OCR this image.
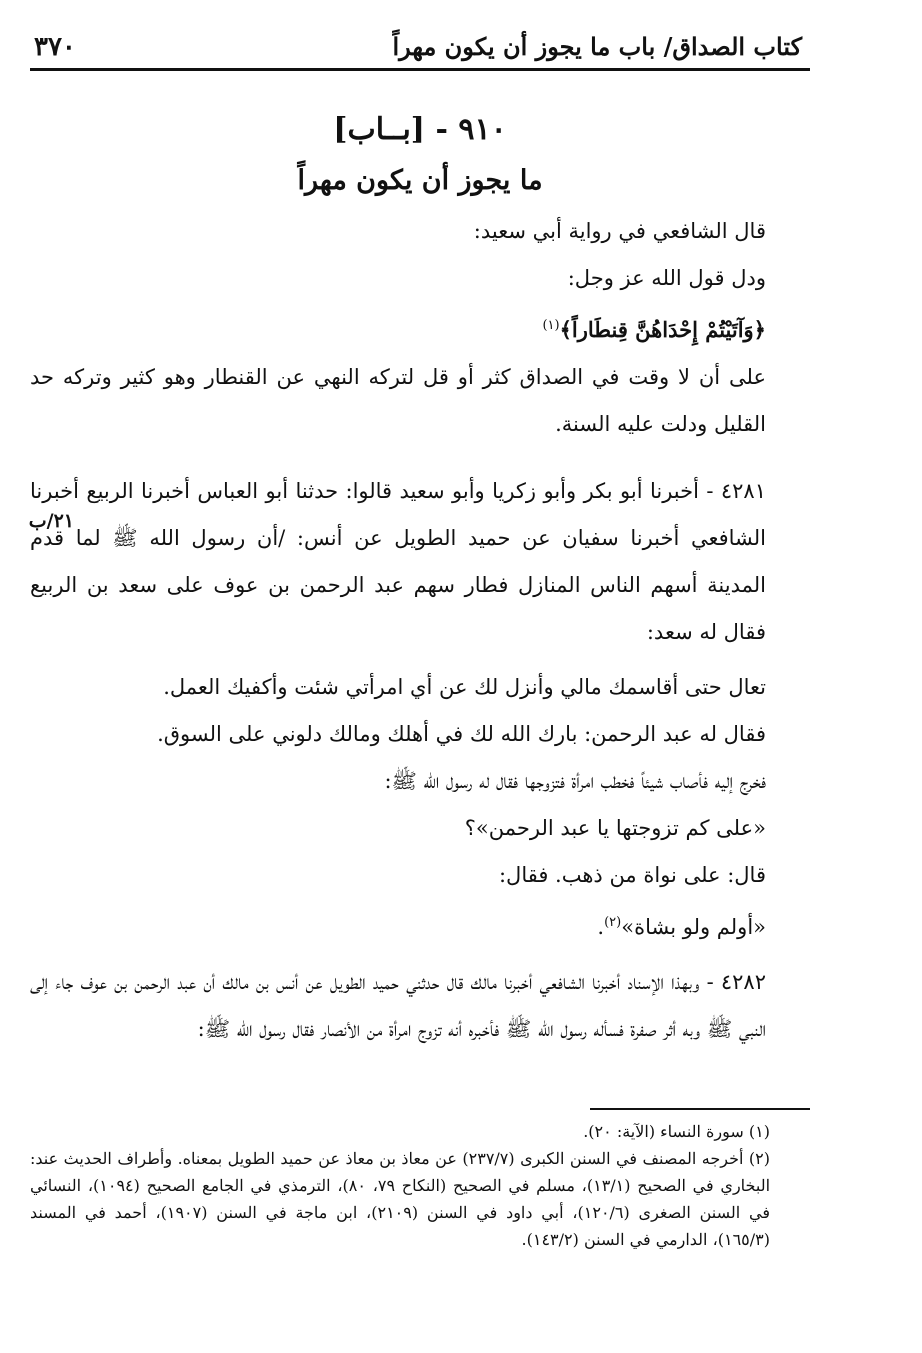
كتاب الصداق/ باب ما يجوز أن يكون مهراً
٣٧٠
٩١٠ - [بــاب]
ما يجوز أن يكون مهراً

قال الشافعي في رواية أبي سعيد:

ودل قول الله عز وجل:

﴿وَآتَيْتُمْ إِحْدَاهُنَّ قِنطَاراً﴾$^{(١)}$

على أن لا وقت في الصداق كثر أو قل لتركه النهي عن القنطار وهو كثير وتركه حد القليل ودلت عليه السنة.

٤٢٨١ - أخبرنا أبو بكر وأبو زكريا وأبو سعيد قالوا: حدثنا أبو العباس أخبرنا الربيع أخبرنا الشافعي أخبرنا سفيان عن حميد الطويل عن أنس: /أن رسول الله ﷺ لما قدم المدينة أسهم الناس المنازل فطار سهم عبد الرحمن بن عوف على سعد بن الربيع فقال له سعد:

تعال حتى أقاسمك مالي وأنزل لك عن أي امرأتي شئت وأكفيك العمل.

فقال له عبد الرحمن: بارك الله لك في أهلك ومالك دلوني على السوق.

فخرج إليه فأصاب شيئاً فخطب امرأة فتزوجها فقال له رسول الله ﷺ:

«على كم تزوجتها يا عبد الرحمن»؟

قال: على نواة من ذهب. فقال:

«أولم ولو بشاة»$^{(٢)}$.

٤٢٨٢ - وبهذا الإسناد أخبرنا الشافعي أخبرنا مالك قال حدثني حميد الطويل عن أنس بن مالك أن عبد الرحمن بن عوف جاء إلى النبي ﷺ وبه أثر صفرة فسأله رسول الله ﷺ فأخبره أنه تزوج امرأة من الأنصار فقال رسول الله ﷺ:

٢١/ب

(١) سورة النساء (الآية: ٢٠).

(٢) أخرجه المصنف في السنن الكبرى (٢٣٧/٧) عن معاذ بن معاذ عن حميد الطويل بمعناه. وأطراف الحديث عند: البخاري في الصحيح (١٣/١)، مسلم في الصحيح (النكاح ٧٩، ٨٠)، الترمذي في الجامع الصحيح (١٠٩٤)، النسائي في السنن الصغرى (١٢٠/٦)، أبي داود في السنن (٢١٠٩)، ابن ماجة في السنن (١٩٠٧)، أحمد في المسند (١٦٥/٣)، الدارمي في السنن (١٤٣/٢).
